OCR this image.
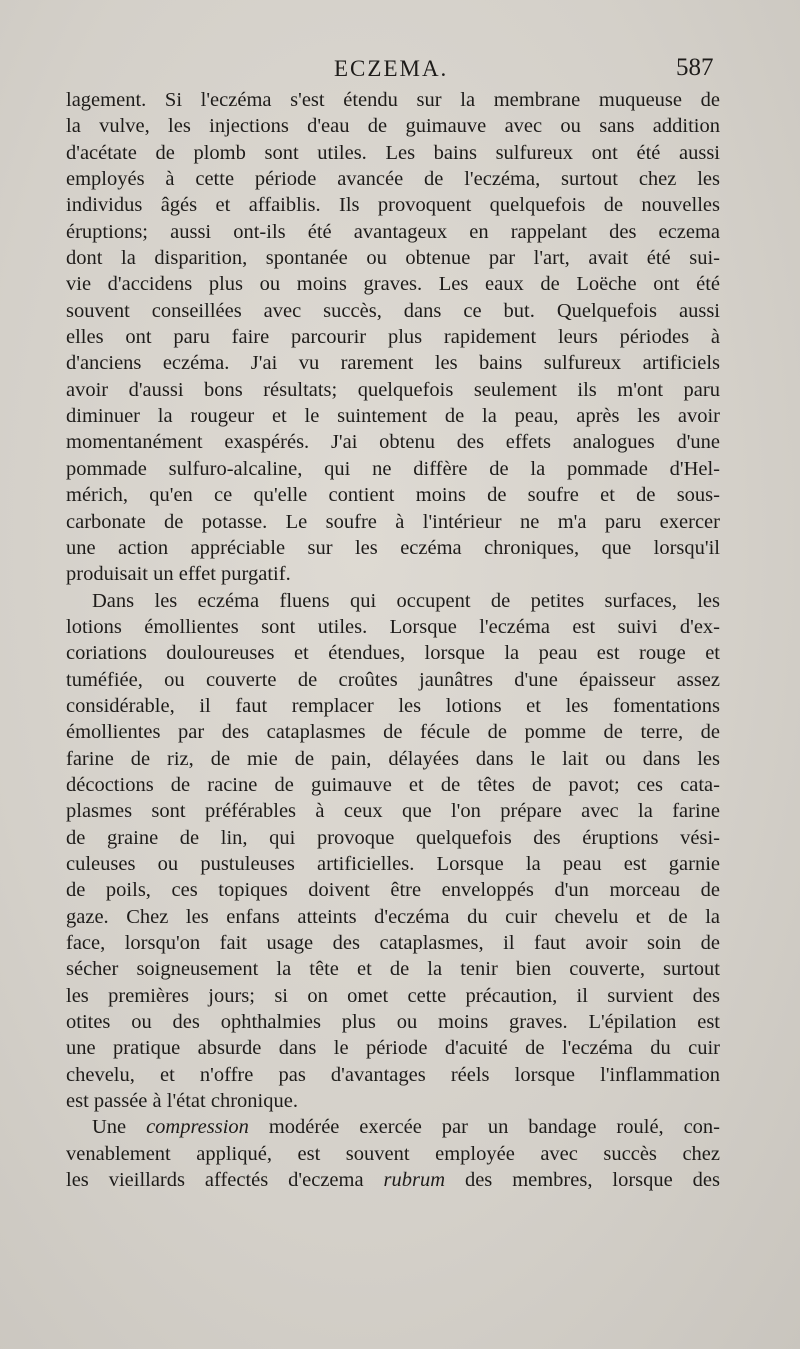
ECZEMA.	587
lagement. Si l'eczéma s'est étendu sur la membrane muqueuse de
la vulve, les injections d'eau de guimauve avec ou sans addition
d'acétate de plomb sont utiles. Les bains sulfureux ont été aussi
employés à cette période avancée de l'eczéma, surtout chez les
individus âgés et affaiblis. Ils provoquent quelquefois de nouvelles
éruptions; aussi ont-ils été avantageux en rappelant des eczema
dont la disparition, spontanée ou obtenue par l'art, avait été sui-
vie d'accidens plus ou moins graves. Les eaux de Loëche ont été
souvent conseillées avec succès, dans ce but. Quelquefois aussi
elles ont paru faire parcourir plus rapidement leurs périodes à
d'anciens eczéma. J'ai vu rarement les bains sulfureux artificiels
avoir d'aussi bons résultats; quelquefois seulement ils m'ont paru
diminuer la rougeur et le suintement de la peau, après les avoir
momentanément exaspérés. J'ai obtenu des effets analogues d'une
pommade sulfuro-alcaline, qui ne diffère de la pommade d'Hel-
mérich, qu'en ce qu'elle contient moins de soufre et de sous-
carbonate de potasse. Le soufre à l'intérieur ne m'a paru exercer
une action appréciable sur les eczéma chroniques, que lorsqu'il
produisait un effet purgatif.
Dans les eczéma fluens qui occupent de petites surfaces, les
lotions émollientes sont utiles. Lorsque l'eczéma est suivi d'ex-
coriations douloureuses et étendues, lorsque la peau est rouge et
tuméfiée, ou couverte de croûtes jaunâtres d'une épaisseur assez
considérable, il faut remplacer les lotions et les fomentations
émollientes par des cataplasmes de fécule de pomme de terre, de
farine de riz, de mie de pain, délayées dans le lait ou dans les
décoctions de racine de guimauve et de têtes de pavot; ces cata-
plasmes sont préférables à ceux que l'on prépare avec la farine
de graine de lin, qui provoque quelquefois des éruptions vési-
culeuses ou pustuleuses artificielles. Lorsque la peau est garnie
de poils, ces topiques doivent être enveloppés d'un morceau de
gaze. Chez les enfans atteints d'eczéma du cuir chevelu et de la
face, lorsqu'on fait usage des cataplasmes, il faut avoir soin de
sécher soigneusement la tête et de la tenir bien couverte, surtout
les premières jours; si on omet cette précaution, il survient des
otites ou des ophthalmies plus ou moins graves. L'épilation est
une pratique absurde dans le période d'acuité de l'eczéma du cuir
chevelu, et n'offre pas d'avantages réels lorsque l'inflammation
est passée à l'état chronique.
Une compression modérée exercée par un bandage roulé, con-
venablement appliqué, est souvent employée avec succès chez
les vieillards affectés d'eczema rubrum des membres, lorsque des
